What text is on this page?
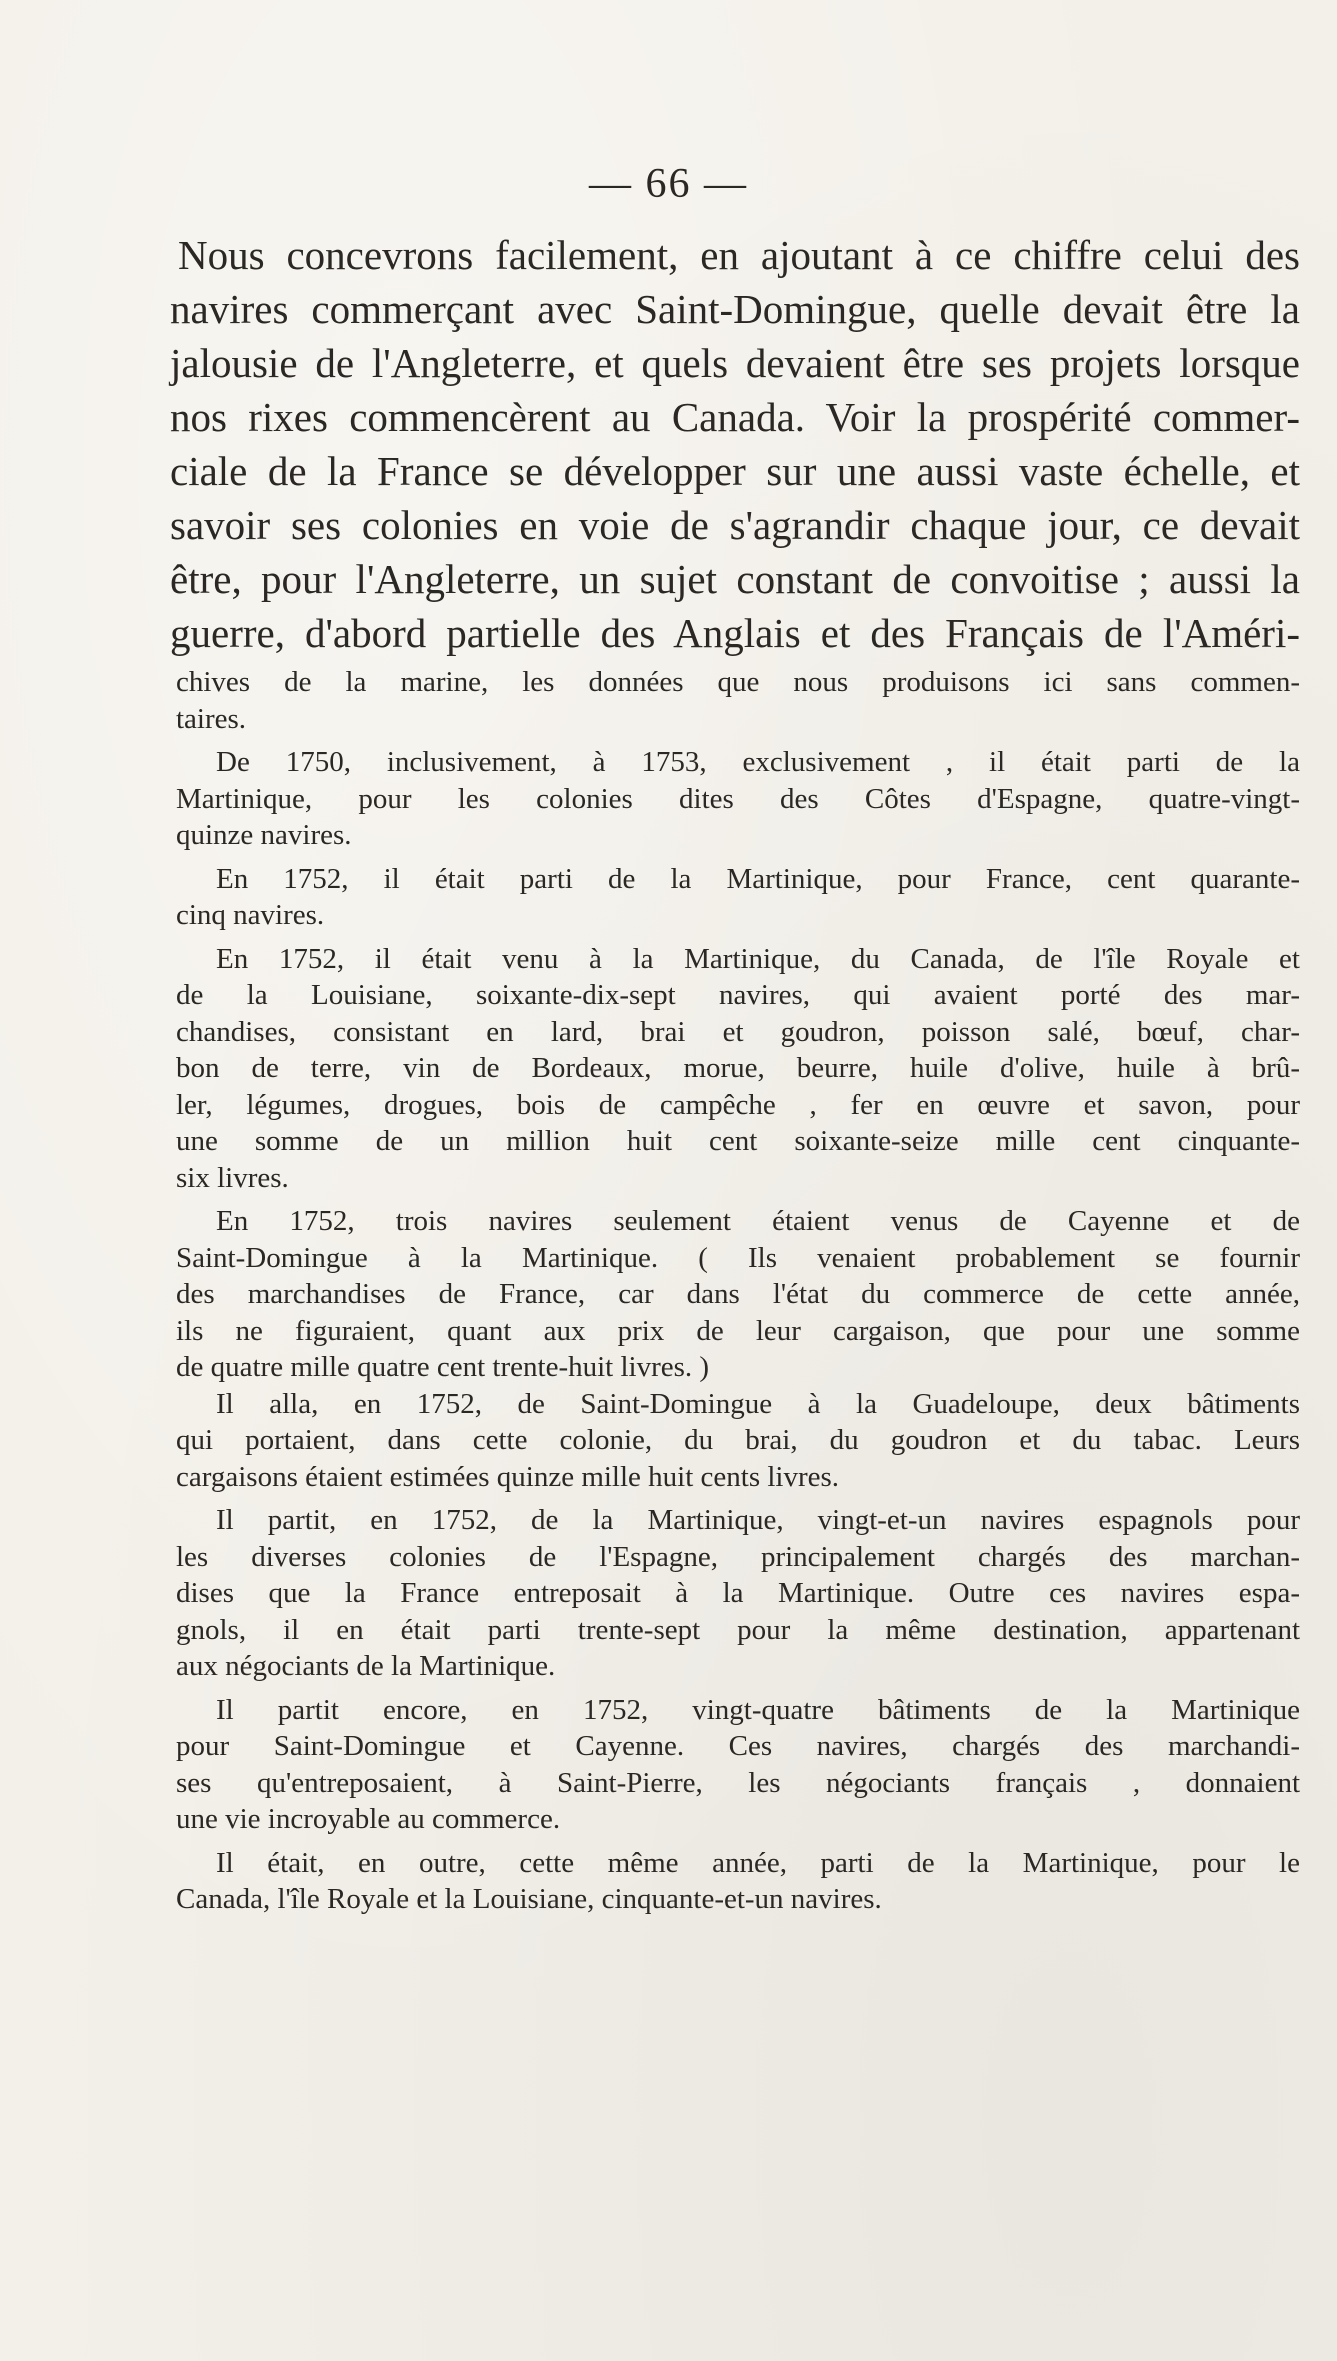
— 66 —
Nous concevrons facilement, en ajoutant à ce chiffre celui des
navires commerçant avec Saint-Domingue, quelle devait être la
jalousie de l'Angleterre, et quels devaient être ses projets lorsque
nos rixes commencèrent au Canada. Voir la prospérité commer-
ciale de la France se développer sur une aussi vaste échelle, et
savoir ses colonies en voie de s'agrandir chaque jour, ce devait
être, pour l'Angleterre, un sujet constant de convoitise ; aussi la
guerre, d'abord partielle des Anglais et des Français de l'Améri-
chives de la marine, les données que nous produisons ici sans commen-
taires.
De 1750, inclusivement, à 1753, exclusivement , il était parti de la
Martinique, pour les colonies dites des Côtes d'Espagne, quatre-vingt-
quinze navires.
En 1752, il était parti de la Martinique, pour France, cent quarante-
cinq navires.
En 1752, il était venu à la Martinique, du Canada, de l'île Royale et
de la Louisiane, soixante-dix-sept navires, qui avaient porté des mar-
chandises, consistant en lard, brai et goudron, poisson salé, bœuf, char-
bon de terre, vin de Bordeaux, morue, beurre, huile d'olive, huile à brû-
ler, légumes, drogues, bois de campêche , fer en œuvre et savon, pour
une somme de un million huit cent soixante-seize mille cent cinquante-
six livres.
En 1752, trois navires seulement étaient venus de Cayenne et de
Saint-Domingue à la Martinique. ( Ils venaient probablement se fournir
des marchandises de France, car dans l'état du commerce de cette année,
ils ne figuraient, quant aux prix de leur cargaison, que pour une somme
de quatre mille quatre cent trente-huit livres. )
Il alla, en 1752, de Saint-Domingue à la Guadeloupe, deux bâtiments
qui portaient, dans cette colonie, du brai, du goudron et du tabac. Leurs
cargaisons étaient estimées quinze mille huit cents livres.
Il partit, en 1752, de la Martinique, vingt-et-un navires espagnols pour
les diverses colonies de l'Espagne, principalement chargés des marchan-
dises que la France entreposait à la Martinique. Outre ces navires espa-
gnols, il en était parti trente-sept pour la même destination, appartenant
aux négociants de la Martinique.
Il partit encore, en 1752, vingt-quatre bâtiments de la Martinique
pour Saint-Domingue et Cayenne. Ces navires, chargés des marchandi-
ses qu'entreposaient, à Saint-Pierre, les négociants français , donnaient
une vie incroyable au commerce.
Il était, en outre, cette même année, parti de la Martinique, pour le
Canada, l'île Royale et la Louisiane, cinquante-et-un navires.
